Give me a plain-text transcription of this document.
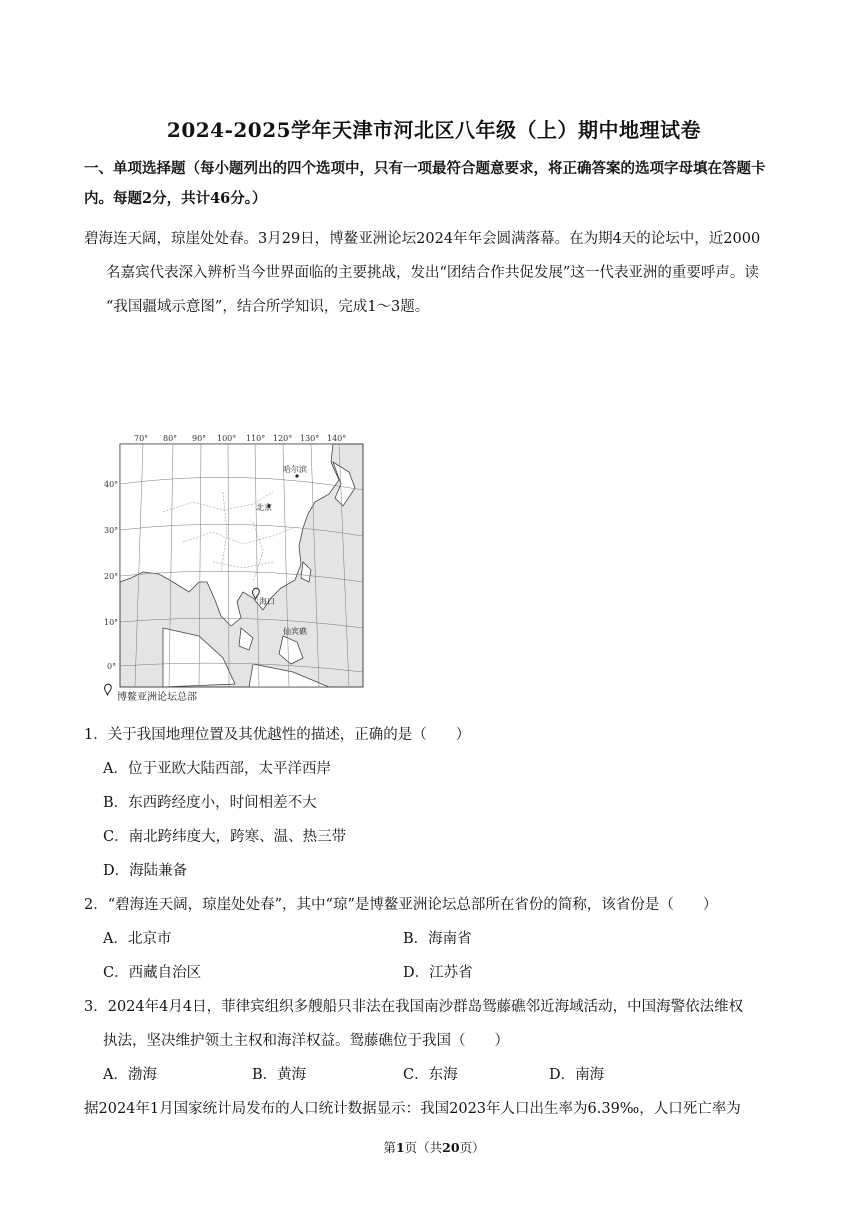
2024-2025学年天津市河北区八年级（上）期中地理试卷
一、单项选择题（每小题列出的四个选项中，只有一项最符合题意要求，将正确答案的选项字母填在答题卡内。每题2分，共计46分。）
碧海连天阔，琼崖处处春。3月29日，博鳌亚洲论坛2024年年会圆满落幕。在为期4天的论坛中，近2000
名嘉宾代表深入辨析当今世界面临的主要挑战，发出“团结合作共促发展”这一代表亚洲的重要呼声。读
“我国疆域示意图”，结合所学知识，完成1～3题。
70° 80° 90° 100° 110° 120° 130° 140°
40°
30°
20°
10°
0°
哈尔滨
北京
海口
仙宾礁
博鳌亚洲论坛总部
1．关于我国地理位置及其优越性的描述，正确的是（　　）
A．位于亚欧大陆西部，太平洋西岸
B．东西跨经度小，时间相差不大
C．南北跨纬度大，跨寒、温、热三带
D．海陆兼备
2．“碧海连天阔，琼崖处处春”，其中“琼”是博鳌亚洲论坛总部所在省份的简称，该省份是（　　）
A．北京市	B．海南省
C．西藏自治区	D．江苏省
3．2024年4月4日，菲律宾组织多艘船只非法在我国南沙群岛鸳藤礁邻近海域活动，中国海警依法维权
执法，坚决维护领土主权和海洋权益。鸳藤礁位于我国（　　）
A．渤海	B．黄海	C．东海	D．南海
据2024年1月国家统计局发布的人口统计数据显示：我国2023年人口出生率为6.39‰，人口死亡率为
第1页（共20页）
